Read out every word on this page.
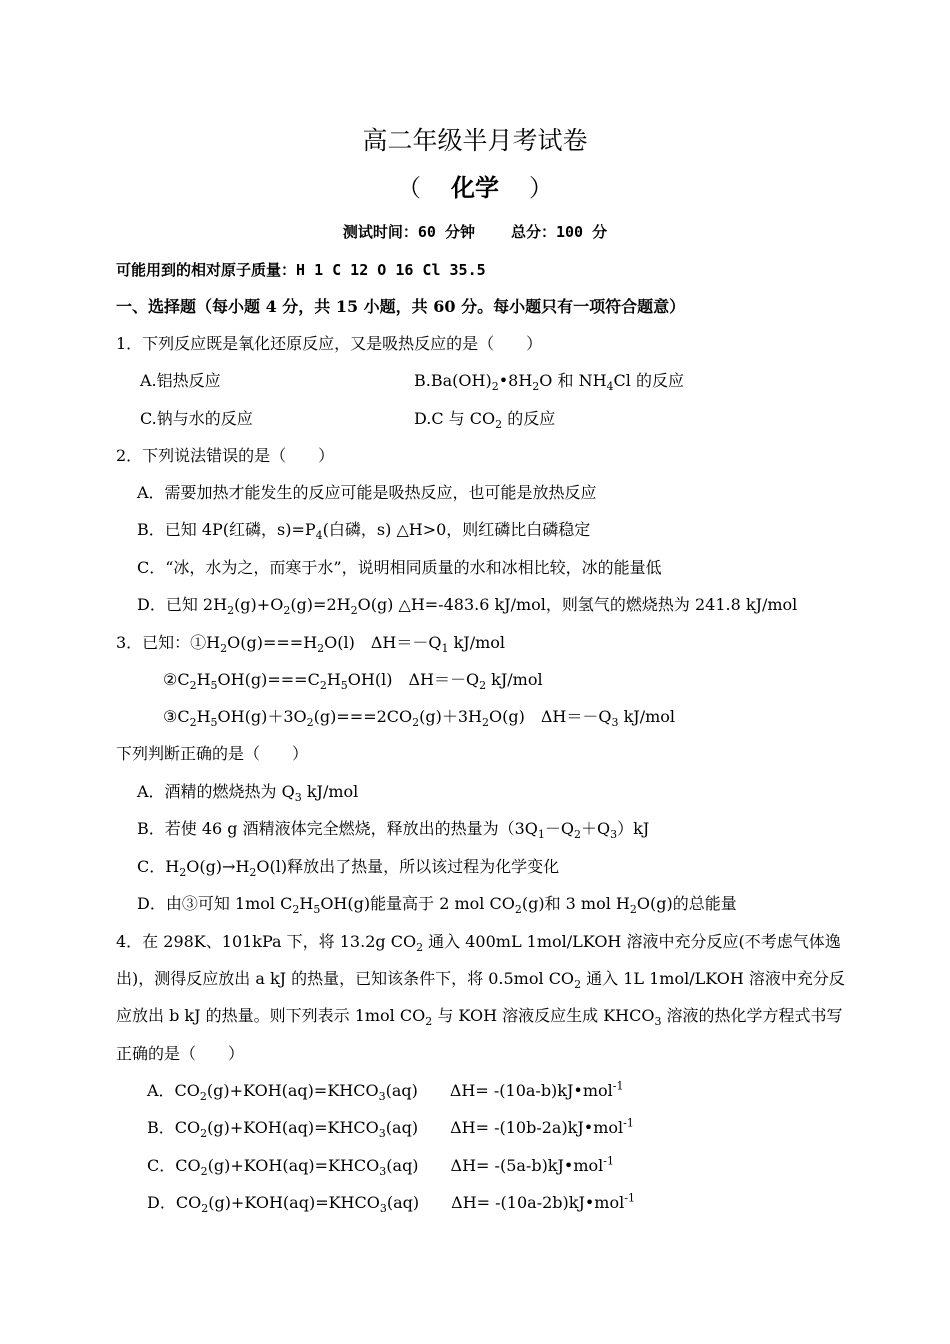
高二年级半月考试卷
（ 化学 ）
测试时间：60 分钟 总分：100 分
可能用到的相对原子质量：H 1 C 12 O 16 Cl 35.5
一、选择题（每小题 4 分，共 15 小题，共 60 分。每小题只有一项符合题意）
1．下列反应既是氧化还原反应，又是吸热反应的是（　　）
A.铝热反应	$B.Ba(OH)_2•8H_2O$ 和 $NH_4Cl$ 的反应
C.钠与水的反应	D.C 与 $CO_2$ 的反应
2．下列说法错误的是（　　）
A．需要加热才能发生的反应可能是吸热反应，也可能是放热反应
B．已知 4P(红磷，$s)=P_4$(白磷，s) △H>0，则红磷比白磷稳定
C．“冰，水为之，而寒于水”，说明相同质量的水和冰相比较，冰的能量低
D．已知 $2H_2(g)+O_2(g)=2H_2O(g)$ △H=-483.6 kJ/mol，则氢气的燃烧热为 241.8 kJ/mol
3．已知：$①H_2O(g)===H_2O(l)$　$\Delta H=-Q_1$ kJ/mol
$②C_2H_5OH(g)===C_2H_5OH(l)$　$\Delta H=-Q_2$ kJ/mol
$③C_2H_5OH(g)+3O_2(g)===2CO_2(g)+3H_2O(g)$　$\Delta H=-Q_3$ kJ/mol
下列判断正确的是（　　）
A．酒精的燃烧热为 $Q_3$ kJ/mol
B．若使 46 g 酒精液体完全燃烧，释放出的热量为$(3Q_1-Q_2+Q_3)kJ$
C．$H_2O(g)\to H_2O(l)$释放出了热量，所以该过程为化学变化
D．由③可知 1mol $C_2H_5OH(g)$能量高于 2 mol $CO_2(g)$和 3 mol $H_2O(g)$的总能量
4．在 298K、101kPa 下，将 13.2g $CO_2$ 通入 400mL 1mol/LKOH 溶液中充分反应(不考虑气体逸
出)，测得反应放出 a kJ 的热量，已知该条件下，将 0.5mol $CO_2$ 通入 1L 1mol/LKOH 溶液中充分反
应放出 b kJ 的热量。则下列表示 1mol $CO_2$ 与 KOH 溶液反应生成 $KHCO_3$ 溶液的热化学方程式书写
正确的是（　　）
A．$CO_2(g)+KOH(aq)=KHCO_3(aq)$　　ΔH= -(10a-b)kJ•mol$^{-1}$
B．$CO_2(g)+KOH(aq)=KHCO_3(aq)$　　ΔH= -(10b-2a)kJ•mol$^{-1}$
C．$CO_2(g)+KOH(aq)=KHCO_3(aq)$　　ΔH= -(5a-b)kJ•mol$^{-1}$
D．$CO_2(g)+KOH(aq)=KHCO_3(aq)$　　ΔH= -(10a-2b)kJ•mol$^{-1}$
